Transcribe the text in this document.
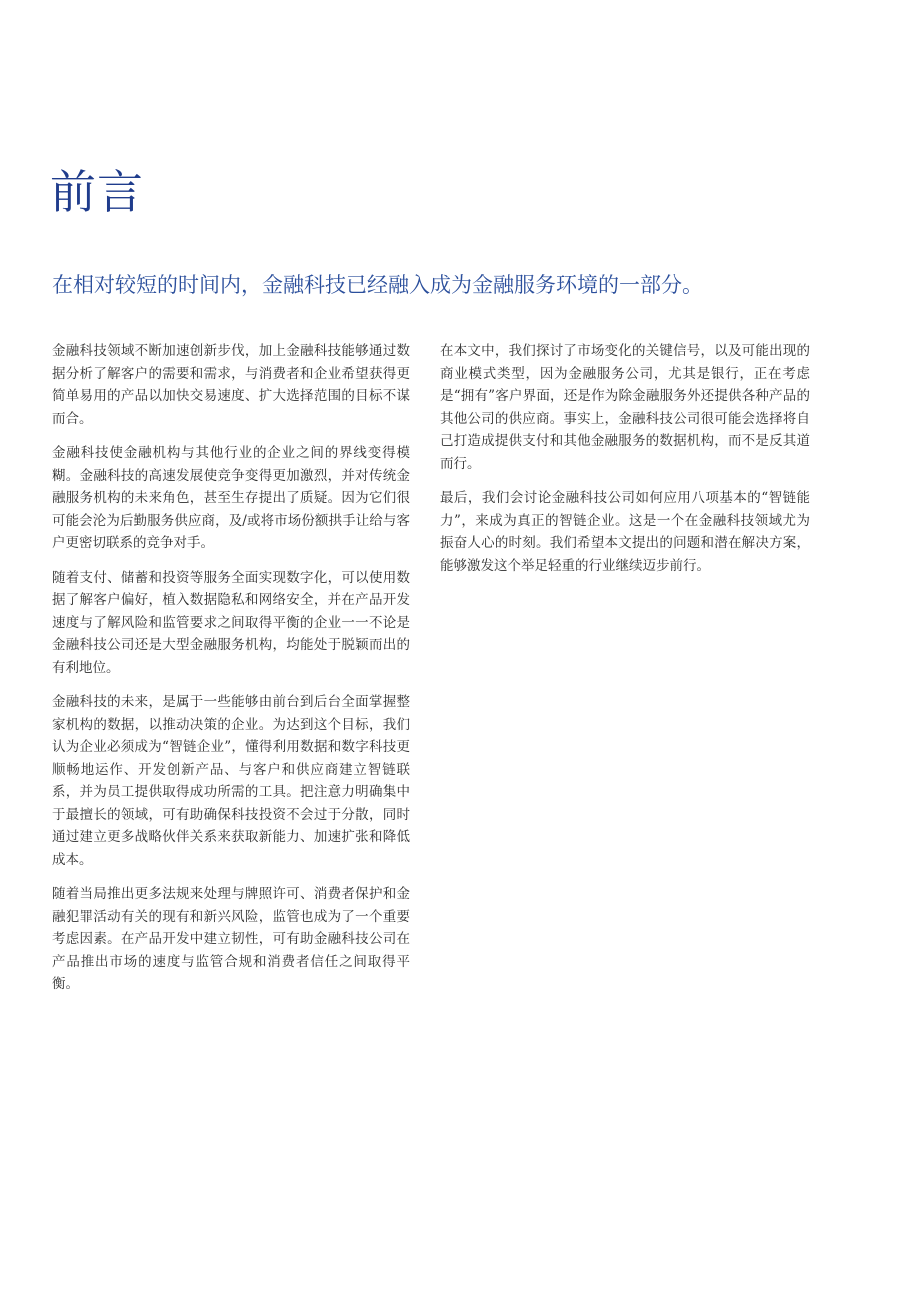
前言
在相对较短的时间内，金融科技已经融入成为金融服务环境的一部分。

金融科技领域不断加速创新步伐，加上金融科技能够通过数据分析了解客户的需要和需求，与消费者和企业希望获得更简单易用的产品以加快交易速度、扩大选择范围的目标不谋而合。

金融科技使金融机构与其他行业的企业之间的界线变得模糊。金融科技的高速发展使竞争变得更加激烈，并对传统金融服务机构的未来角色，甚至生存提出了质疑。因为它们很可能会沦为后勤服务供应商，及/或将市场份额拱手让给与客户更密切联系的竞争对手。

随着支付、储蓄和投资等服务全面实现数字化，可以使用数据了解客户偏好，植入数据隐私和网络安全，并在产品开发速度与了解风险和监管要求之间取得平衡的企业一一不论是金融科技公司还是大型金融服务机构，均能处于脱颖而出的有利地位。

金融科技的未来，是属于一些能够由前台到后台全面掌握整家机构的数据，以推动决策的企业。为达到这个目标，我们认为企业必须成为“智链企业”，懂得利用数据和数字科技更顺畅地运作、开发创新产品、与客户和供应商建立智链联系，并为员工提供取得成功所需的工具。把注意力明确集中于最擅长的领域，可有助确保科技投资不会过于分散，同时通过建立更多战略伙伴关系来获取新能力、加速扩张和降低成本。

随着当局推出更多法规来处理与牌照许可、消费者保护和金融犯罪活动有关的现有和新兴风险，监管也成为了一个重要考虑因素。在产品开发中建立韧性，可有助金融科技公司在产品推出市场的速度与监管合规和消费者信任之间取得平衡。

在本文中，我们探讨了市场变化的关键信号，以及可能出现的商业模式类型，因为金融服务公司，尤其是银行，正在考虑是“拥有”客户界面，还是作为除金融服务外还提供各种产品的其他公司的供应商。事实上，金融科技公司很可能会选择将自己打造成提供支付和其他金融服务的数据机构，而不是反其道而行。

最后，我们会讨论金融科技公司如何应用八项基本的“智链能力”，来成为真正的智链企业。这是一个在金融科技领域尤为振奋人心的时刻。我们希望本文提出的问题和潜在解决方案，能够激发这个举足轻重的行业继续迈步前行。
